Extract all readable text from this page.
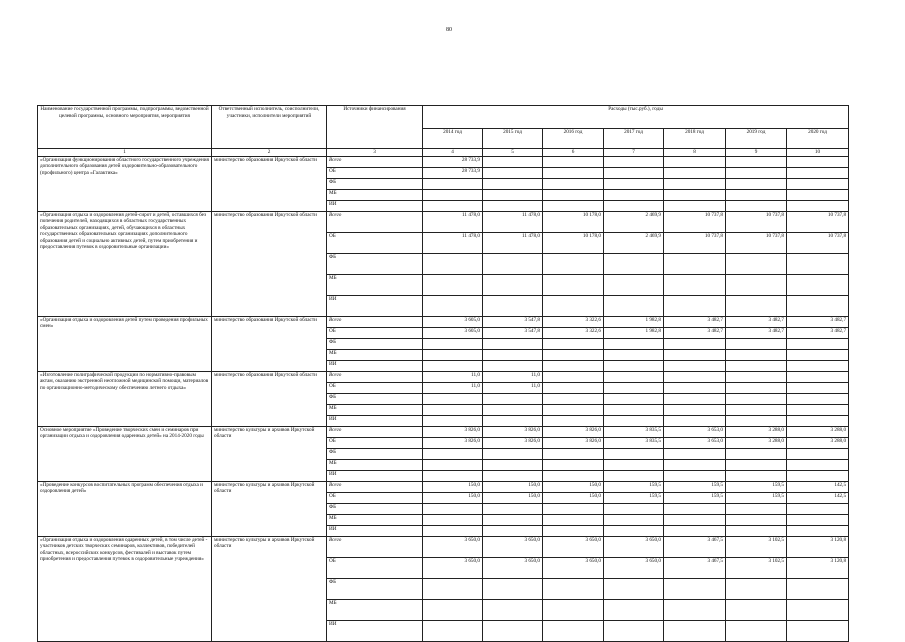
80
Наименование государственной программы, подпрограммы, ведомственной целевой программы, основного мероприятия, мероприятия	Ответственный исполнитель, соисполнители, участники, исполнители мероприятий	Источники финансирования	Расходы (тыс.руб.), годы						
			2014 год	2015 год	2016 год	2017 год	2018 год	2019 год	2020 год
1	2	3	4	5	6	7	8	9	10
«Организация функционирования областного государственного учреждения дополнительного образования детей оздоровительно-образовательного (профильного) центра «Галактика»	министерство образования Иркутской области	Всего	28 733,9						
		ОБ	28 733,9						
		ФБ							
		МБ							
		ИИ							
«Организация отдыха и оздоровления детей-сирот и детей, оставшихся без попечения родителей, находящихся в областных государственных образовательных организациях, детей, обучающихся в областных государственных образовательных организациях дополнительного образования детей и социально активных детей, путем приобретения и предоставления путевок в оздоровительные организации»	министерство образования Иркутской области	Всего	11 478,0	11 478,0	10 178,0	2 469,9	10 737,8	10 737,8	10 737,8
		ОБ	11 478,0	11 478,0	10 178,0	2 469,9	10 737,8	10 737,8	10 737,8
		ФБ							
		МБ							
		ИИ							
«Организация отдыха и оздоровления детей путем проведения профильных смен»	министерство образования Иркутской области	Всего	3 605,0	3 547,8	3 322,6	1 982,8	3 482,7	3 482,7	3 482,7
		ОБ	3 605,0	3 547,8	3 322,6	1 982,8	3 482,7	3 482,7	3 482,7
		ФБ							
		МБ							
		ИИ							
«Изготовление полиграфической продукции по нормативно-правовым актам, оказанию экстренной неотложной медицинской помощи, материалов по организационно-методическому обеспечению летнего отдыха»	министерство образования Иркутской области	Всего	11,0	11,0					
		ОБ	11,0	11,0					
		ФБ							
		МБ							
		ИИ							
Основное мероприятие «Проведение творческих смен и семинаров при организации отдыха и оздоровления одаренных детей» на 2014-2020 годы	министерство культуры и архивов Иркутской области	Всего	3 826,0	3 826,0	3 826,0	3 835,5	3 653,0	3 288,0	3 288,0
		ОБ	3 826,0	3 826,0	3 826,0	3 835,5	3 653,0	3 288,0	3 288,0
		ФБ							
		МБ							
		ИИ							
«Проведение конкурсов воспитательных программ обеспечения отдыха и оздоровления детей»	министерство культуры и архивов Иркутской области	Всего	150,0	150,0	150,0	159,5	159,5	159,5	142,5
		ОБ	150,0	150,0	150,0	159,5	159,5	159,5	142,5
		ФБ							
		МБ							
		ИИ							
«Организация отдыха и оздоровления одаренных детей, в том числе детей - участников детских творческих семинаров, коллективов, победителей областных, всероссийских конкурсов, фестивалей и выставок путем приобретения и предоставления путевок в оздоровительные учреждения»	министерство культуры и архивов Иркутской области	Всего	3 650,0	3 650,0	3 650,0	3 650,0	3 467,5	3 102,5	3 120,8
		ОБ	3 650,0	3 650,0	3 650,0	3 650,0	3 467,5	3 102,5	3 120,8
		ФБ							
		МБ							
		ИИ							
